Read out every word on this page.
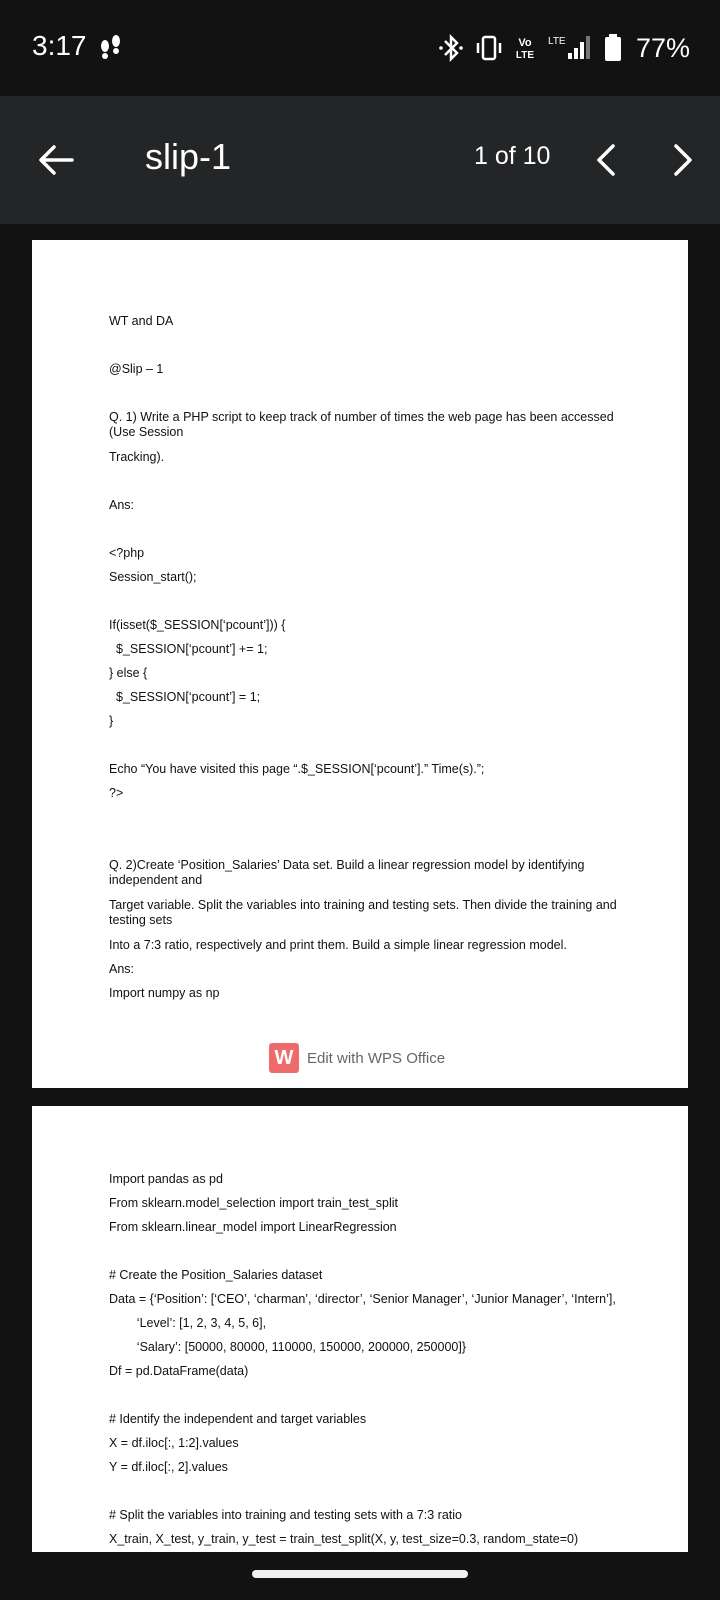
3:17	Vo
LTE
LTE	77%
slip-1	1 of 10
WT and DA
@Slip – 1
Q. 1) Write a PHP script to keep track of number of times the web page has been accessed (Use Session
Tracking).
Ans:
<?php
Session_start();
If(isset($_SESSION[‘pcount’])) {
$_SESSION[‘pcount’] += 1;
} else {
$_SESSION[‘pcount’] = 1;
}
Echo “You have visited this page “.$_SESSION[‘pcount’].” Time(s).”;
?>
Q. 2)Create ‘Position_Salaries’ Data set. Build a linear regression model by identifying independent and
Target variable. Split the variables into training and testing sets. Then divide the training and testing sets
Into a 7:3 ratio, respectively and print them. Build a simple linear regression model.
Ans:
Import numpy as np
W Edit with WPS Office
Import pandas as pd
From sklearn.model_selection import train_test_split
From sklearn.linear_model import LinearRegression
# Create the Position_Salaries dataset
Data = {‘Position’: [‘CEO’, ‘charman’, ‘director’, ‘Senior Manager’, ‘Junior Manager’, ‘Intern’],
‘Level’: [1, 2, 3, 4, 5, 6],
‘Salary’: [50000, 80000, 110000, 150000, 200000, 250000]}
Df = pd.DataFrame(data)
# Identify the independent and target variables
X = df.iloc[:, 1:2].values
Y = df.iloc[:, 2].values
# Split the variables into training and testing sets with a 7:3 ratio
X_train, X_test, y_train, y_test = train_test_split(X, y, test_size=0.3, random_state=0)
